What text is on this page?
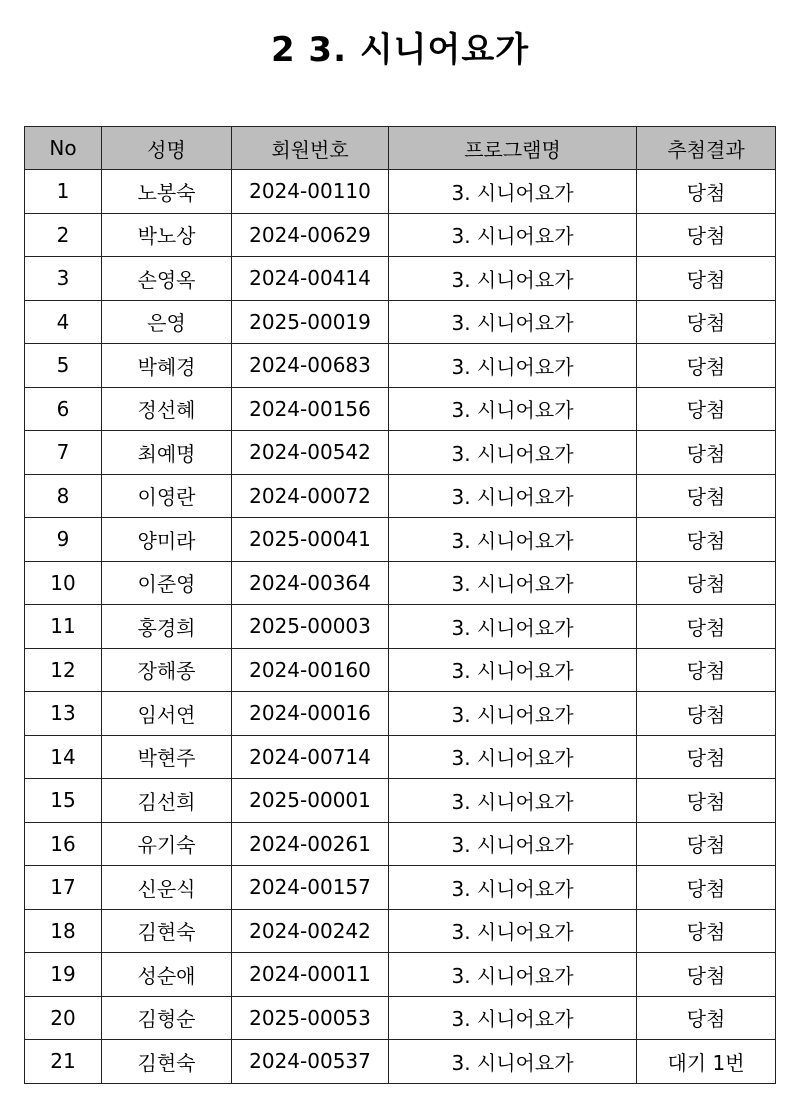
2 3. 시니어요가
No	성명	회원번호	프로그램명	추첨결과
1	노봉숙	2024-00110	3. 시니어요가	당첨
2	박노상	2024-00629	3. 시니어요가	당첨
3	손영옥	2024-00414	3. 시니어요가	당첨
4	은영	2025-00019	3. 시니어요가	당첨
5	박혜경	2024-00683	3. 시니어요가	당첨
6	정선혜	2024-00156	3. 시니어요가	당첨
7	최예명	2024-00542	3. 시니어요가	당첨
8	이영란	2024-00072	3. 시니어요가	당첨
9	양미라	2025-00041	3. 시니어요가	당첨
10	이준영	2024-00364	3. 시니어요가	당첨
11	홍경희	2025-00003	3. 시니어요가	당첨
12	장해종	2024-00160	3. 시니어요가	당첨
13	임서연	2024-00016	3. 시니어요가	당첨
14	박현주	2024-00714	3. 시니어요가	당첨
15	김선희	2025-00001	3. 시니어요가	당첨
16	유기숙	2024-00261	3. 시니어요가	당첨
17	신운식	2024-00157	3. 시니어요가	당첨
18	김현숙	2024-00242	3. 시니어요가	당첨
19	성순애	2024-00011	3. 시니어요가	당첨
20	김형순	2025-00053	3. 시니어요가	당첨
21	김현숙	2024-00537	3. 시니어요가	대기 1번
